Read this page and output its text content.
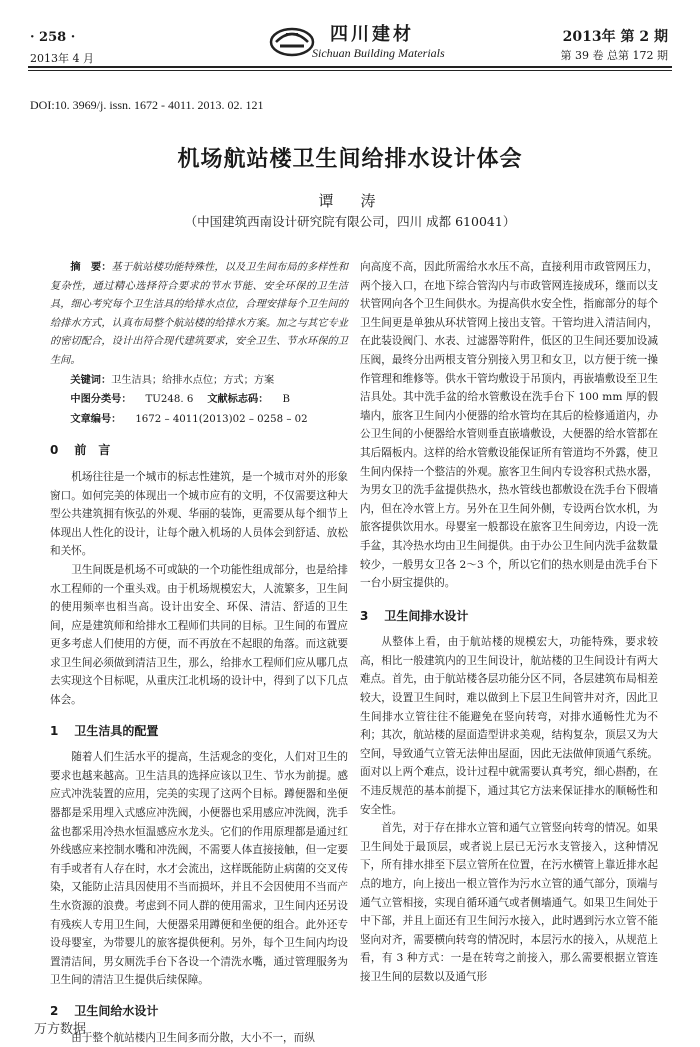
· 258 ·
2013年 4 月
四川建材
Sichuan Building Materials
2013年 第 2 期
第 39 卷 总第 172 期
DOI:10. 3969/j. issn. 1672 - 4011. 2013. 02. 121
机场航站楼卫生间给排水设计体会
谭　涛
（中国建筑西南设计研究院有限公司，四川 成都 610041）

摘　要：基于航站楼功能特殊性，以及卫生间布局的多样性和复杂性，通过精心选择符合要求的节水节能、安全环保的卫生洁具，细心考究每个卫生洁具的给排水点位，合理安排每个卫生间的给排水方式，认真布局整个航站楼的给排水方案。加之与其它专业的密切配合，设计出符合现代建筑要求，安全卫生、节水环保的卫生间。

关键词：卫生洁具；给排水点位；方式；方案

中图分类号： TU248. 6 文献标志码： B

文章编号： 1672 – 4011(2013)02 – 0258 – 02

0 前　言

机场往往是一个城市的标志性建筑，是一个城市对外的形象窗口。如何完美的体现出一个城市应有的文明，不仅需要这种大型公共建筑拥有恢弘的外观、华丽的装饰，更需要从每个细节上体现出人性化的设计，让每个融入机场的人员体会到舒适、放松和关怀。

卫生间既是机场不可或缺的一个功能性组成部分，也是给排水工程师的一个重头戏。由于机场规模宏大，人流繁多，卫生间的使用频率也相当高。设计出安全、环保、清洁、舒适的卫生间，应是建筑师和给排水工程师们共同的目标。卫生间的布置应更多考虑人们使用的方便，而不再放在不起眼的角落。而这就要求卫生间必须做到清洁卫生，那么，给排水工程师们应从哪几点去实现这个目标呢，从重庆江北机场的设计中，得到了以下几点体会。

1 卫生洁具的配置

随着人们生活水平的提高，生活观念的变化，人们对卫生的要求也越来越高。卫生洁具的选择应该以卫生、节水为前提。感应式冲洗装置的应用，完美的实现了这两个目标。蹲便器和坐便器都是采用埋入式感应冲洗阀，小便器也采用感应冲洗阀，洗手盆也都采用冷热水恒温感应水龙头。它们的作用原理都是通过红外线感应来控制水嘴和冲洗阀，不需要人体直接接触，但一定要有手或者有人存在时，水才会流出，这样既能防止病菌的交叉传染，又能防止洁具因使用不当而损坏，并且不会因使用不当而产生水资源的浪费。考虑到不同人群的使用需求，卫生间内还另设有残疾人专用卫生间，大便器采用蹲便和坐便的组合。此外还专设母婴室，为带婴儿的旅客提供便利。另外，每个卫生间内均设置清洁间，男女厕洗手台下各设一个清洗水嘴，通过管理服务为卫生间的清洁卫生提供后续保障。

2 卫生间给水设计

由于整个航站楼内卫生间多而分散，大小不一，而纵

向高度不高，因此所需给水水压不高，直接利用市政管网压力，两个接入口，在地下综合管沟内与市政管网连接成环，继而以支状管网向各个卫生间供水。为提高供水安全性，指廊部分的每个卫生间更是单独从环状管网上接出支管。干管均进入清洁间内，在此装设阀门、水表、过滤器等附件，低区的卫生间还要加设减压阀，最终分出两根支管分别接入男卫和女卫，以方便于统一操作管理和维修等。供水干管均敷设于吊顶内，再嵌墙敷设至卫生洁具处。其中洗手盆的给水管敷设在洗手台下 100 mm 厚的假墙内，旅客卫生间内小便器的给水管均在其后的检修通道内，办公卫生间的小便器给水管则垂直嵌墙敷设，大便器的给水管都在其后隔板内。这样的给水管敷设能保证所有管道均不外露，使卫生间内保持一个整洁的外观。旅客卫生间内专设容积式热水器，为男女卫的洗手盆提供热水，热水管线也都敷设在洗手台下假墙内，但在冷水管上方。另外在卫生间外侧，专设两台饮水机，为旅客提供饮用水。母婴室一般都设在旅客卫生间旁边，内设一洗手盆，其冷热水均由卫生间提供。由于办公卫生间内洗手盆数量较少，一般男女卫各 2～3 个，所以它们的热水则是由洗手台下一台小厨宝提供的。

3 卫生间排水设计

从整体上看，由于航站楼的规模宏大，功能特殊，要求较高，相比一般建筑内的卫生间设计，航站楼的卫生间设计有两大难点。首先，由于航站楼各层功能分区不同，各层建筑布局相差较大，设置卫生间时，难以做到上下层卫生间管井对齐，因此卫生间排水立管往往不能避免在竖向转弯，对排水通畅性尤为不利；其次，航站楼的屋面造型讲求美观，结构复杂，顶层又为大空间，导致通气立管无法伸出屋面，因此无法做伸顶通气系统。面对以上两个难点，设计过程中就需要认真考究，细心斟酌，在不违反规范的基本前提下，通过其它方法来保证排水的顺畅性和安全性。

首先，对于存在排水立管和通气立管竖向转弯的情况。如果卫生间处于最顶层，或者说上层已无污水支管接入，这种情况下，所有排水排至下层立管所在位置，在污水横管上靠近排水起点的地方，向上接出一根立管作为污水立管的通气部分，顶端与通气立管相接，实现自循环通气或者侧墙通气。如果卫生间处于中下部，并且上面还有卫生间污水接入，此时遇到污水立管不能竖向对齐，需要横向转弯的情况时，本层污水的接入，从规范上看，有 3 种方式：一是在转弯之前接入，那么需要根据立管连接卫生间的层数以及通气形

万方数据
